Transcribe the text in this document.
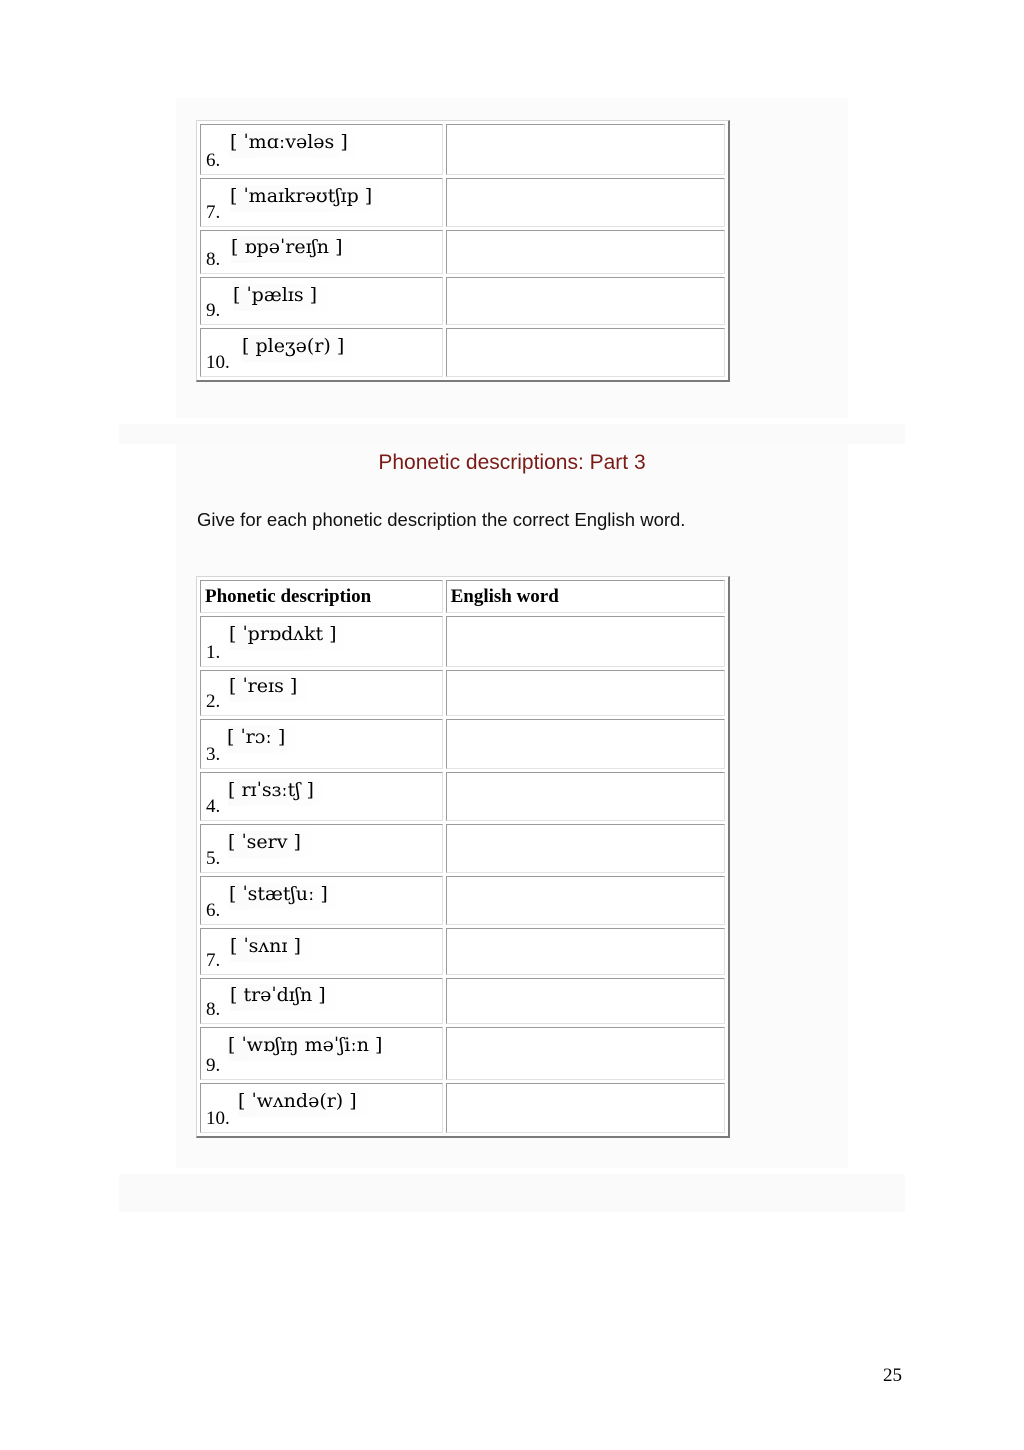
[ ˈmɑːvələs ]
6.	

[ ˈmaɪkrəʊtʃɪp ]
7.	

[ ɒpəˈreɪʃn ]
8.	

[ ˈpælɪs ]
9.	

[ pleʒə(r) ]
10.	

Phonetic descriptions: Part 3
Give for each phonetic description the correct English word.
Phonetic description	English word

[ ˈprɒdʌkt ]
1.	

[ ˈreɪs ]
2.	

[ ˈrɔː ]
3.	

[ rɪˈsɜːtʃ ]
4.	

[ ˈserv ]
5.	

[ ˈstætʃuː ]
6.	

[ ˈsʌnɪ ]
7.	

[ trəˈdɪʃn ]
8.	

[ ˈwɒʃɪŋ məˈʃiːn ]
9.	

[ ˈwʌndə(r) ]
10.	

25
